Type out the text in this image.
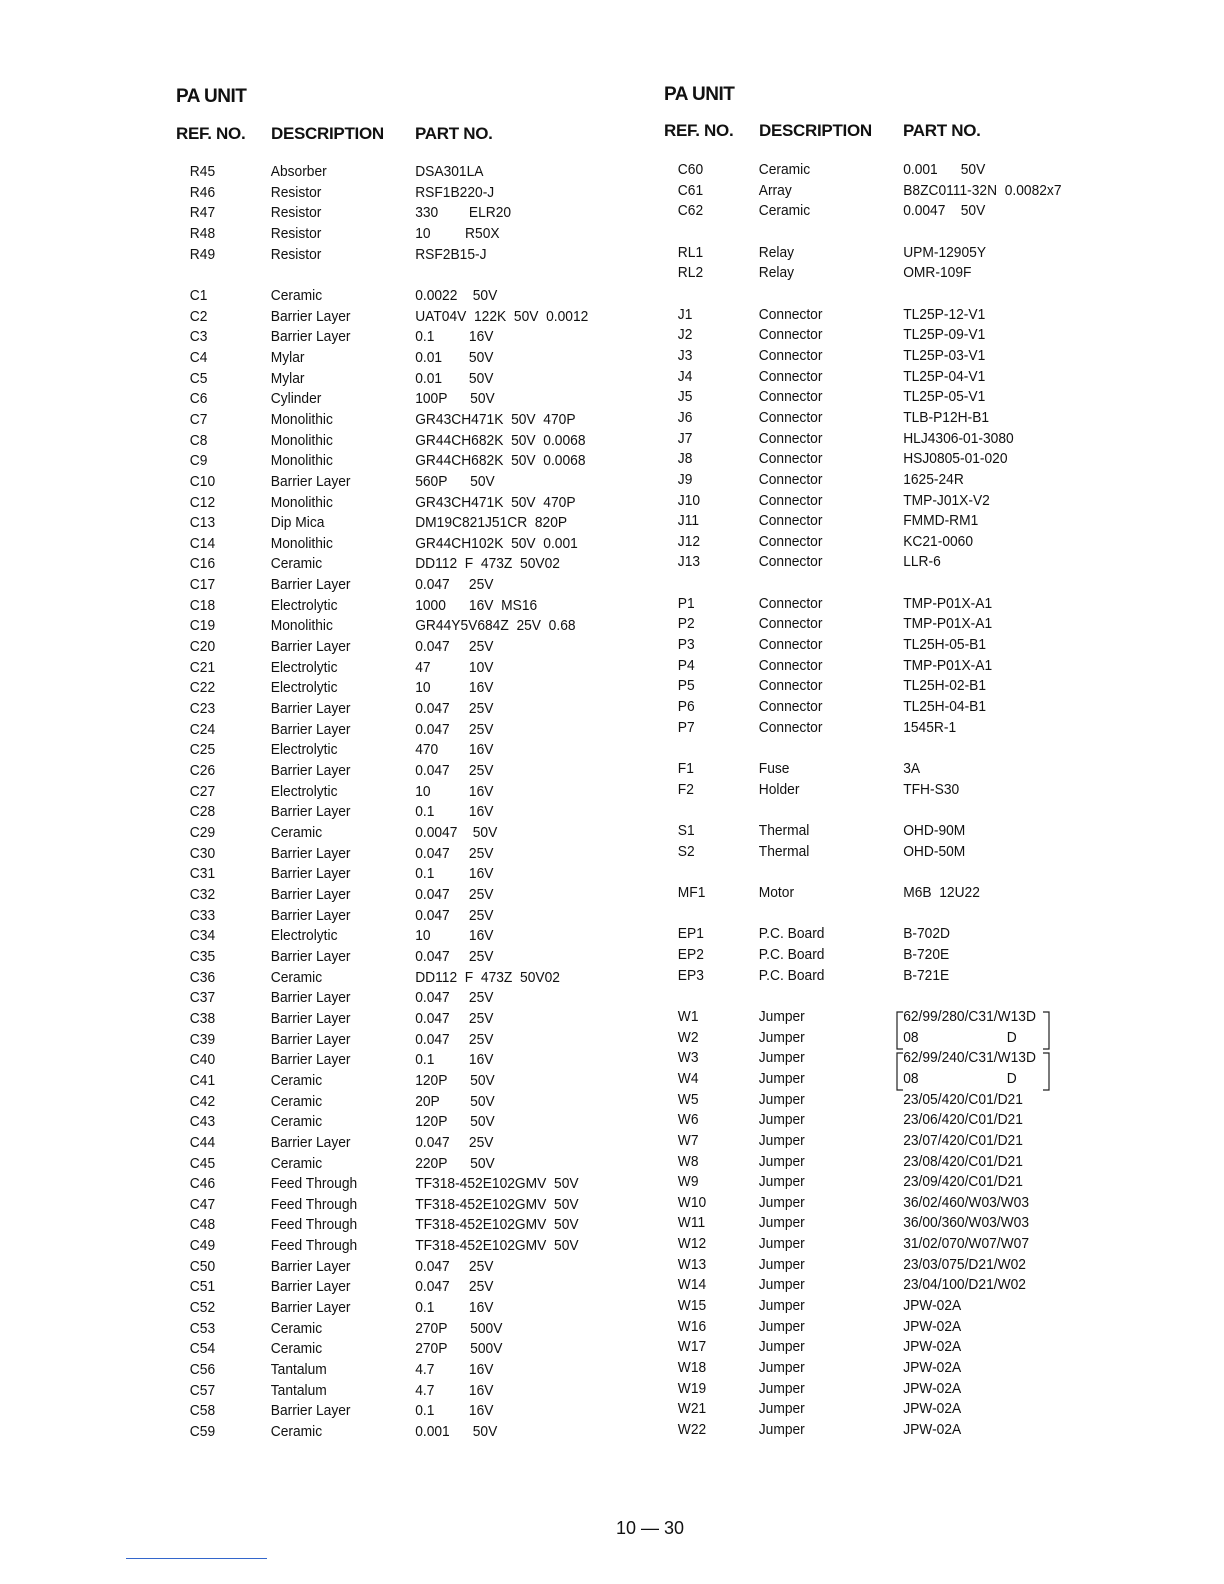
PA UNIT
REF. NO. DESCRIPTION PART NO.
R45	Absorber	DSA301LA
R46	Resistor	RSF1B220-J
R47	Resistor	330        ELR20
R48	Resistor	10         R50X
R49	Resistor	RSF2B15-J
C1	Ceramic	0.0022    50V
C2	Barrier Layer	UAT04V  122K  50V  0.0012
C3	Barrier Layer	0.1         16V
C4	Mylar	0.01       50V
C5	Mylar	0.01       50V
C6	Cylinder	100P      50V
C7	Monolithic	GR43CH471K  50V  470P
C8	Monolithic	GR44CH682K  50V  0.0068
C9	Monolithic	GR44CH682K  50V  0.0068
C10	Barrier Layer	560P      50V
C12	Monolithic	GR43CH471K  50V  470P
C13	Dip Mica	DM19C821J51CR  820P
C14	Monolithic	GR44CH102K  50V  0.001
C16	Ceramic	DD112  F  473Z  50V02
C17	Barrier Layer	0.047     25V
C18	Electrolytic	1000      16V  MS16
C19	Monolithic	GR44Y5V684Z  25V  0.68
C20	Barrier Layer	0.047     25V
C21	Electrolytic	47          10V
C22	Electrolytic	10          16V
C23	Barrier Layer	0.047     25V
C24	Barrier Layer	0.047     25V
C25	Electrolytic	470        16V
C26	Barrier Layer	0.047     25V
C27	Electrolytic	10          16V
C28	Barrier Layer	0.1         16V
C29	Ceramic	0.0047    50V
C30	Barrier Layer	0.047     25V
C31	Barrier Layer	0.1         16V
C32	Barrier Layer	0.047     25V
C33	Barrier Layer	0.047     25V
C34	Electrolytic	10          16V
C35	Barrier Layer	0.047     25V
C36	Ceramic	DD112  F  473Z  50V02
C37	Barrier Layer	0.047     25V
C38	Barrier Layer	0.047     25V
C39	Barrier Layer	0.047     25V
C40	Barrier Layer	0.1         16V
C41	Ceramic	120P      50V
C42	Ceramic	20P        50V
C43	Ceramic	120P      50V
C44	Barrier Layer	0.047     25V
C45	Ceramic	220P      50V
C46	Feed Through	TF318-452E102GMV  50V
C47	Feed Through	TF318-452E102GMV  50V
C48	Feed Through	TF318-452E102GMV  50V
C49	Feed Through	TF318-452E102GMV  50V
C50	Barrier Layer	0.047     25V
C51	Barrier Layer	0.047     25V
C52	Barrier Layer	0.1         16V
C53	Ceramic	270P      500V
C54	Ceramic	270P      500V
C56	Tantalum	4.7         16V
C57	Tantalum	4.7         16V
C58	Barrier Layer	0.1         16V
C59	Ceramic	0.001      50V
PA UNIT
REF. NO. DESCRIPTION PART NO.
C60	Ceramic	0.001      50V
C61	Array	B8ZC0111-32N  0.0082x7
C62	Ceramic	0.0047    50V
RL1	Relay	UPM-12905Y
RL2	Relay	OMR-109F
J1	Connector	TL25P-12-V1
J2	Connector	TL25P-09-V1
J3	Connector	TL25P-03-V1
J4	Connector	TL25P-04-V1
J5	Connector	TL25P-05-V1
J6	Connector	TLB-P12H-B1
J7	Connector	HLJ4306-01-3080
J8	Connector	HSJ0805-01-020
J9	Connector	1625-24R
J10	Connector	TMP-J01X-V2
J11	Connector	FMMD-RM1
J12	Connector	KC21-0060
J13	Connector	LLR-6
P1	Connector	TMP-P01X-A1
P2	Connector	TMP-P01X-A1
P3	Connector	TL25H-05-B1
P4	Connector	TMP-P01X-A1
P5	Connector	TL25H-02-B1
P6	Connector	TL25H-04-B1
P7	Connector	1545R-1
F1	Fuse	3A
F2	Holder	TFH-S30
S1	Thermal	OHD-90M
S2	Thermal	OHD-50M
MF1	Motor	M6B  12U22
EP1	P.C. Board	B-702D
EP2	P.C. Board	B-720E
EP3	P.C. Board	B-721E
W1	Jumper	62/99/280/C31/W13D
W2	Jumper	08                       D
W3	Jumper	62/99/240/C31/W13D
W4	Jumper	08                       D
W5	Jumper	23/05/420/C01/D21
W6	Jumper	23/06/420/C01/D21
W7	Jumper	23/07/420/C01/D21
W8	Jumper	23/08/420/C01/D21
W9	Jumper	23/09/420/C01/D21
W10	Jumper	36/02/460/W03/W03
W11	Jumper	36/00/360/W03/W03
W12	Jumper	31/02/070/W07/W07
W13	Jumper	23/03/075/D21/W02
W14	Jumper	23/04/100/D21/W02
W15	Jumper	JPW-02A
W16	Jumper	JPW-02A
W17	Jumper	JPW-02A
W18	Jumper	JPW-02A
W19	Jumper	JPW-02A
W21	Jumper	JPW-02A
W22	Jumper	JPW-02A
10 — 30
